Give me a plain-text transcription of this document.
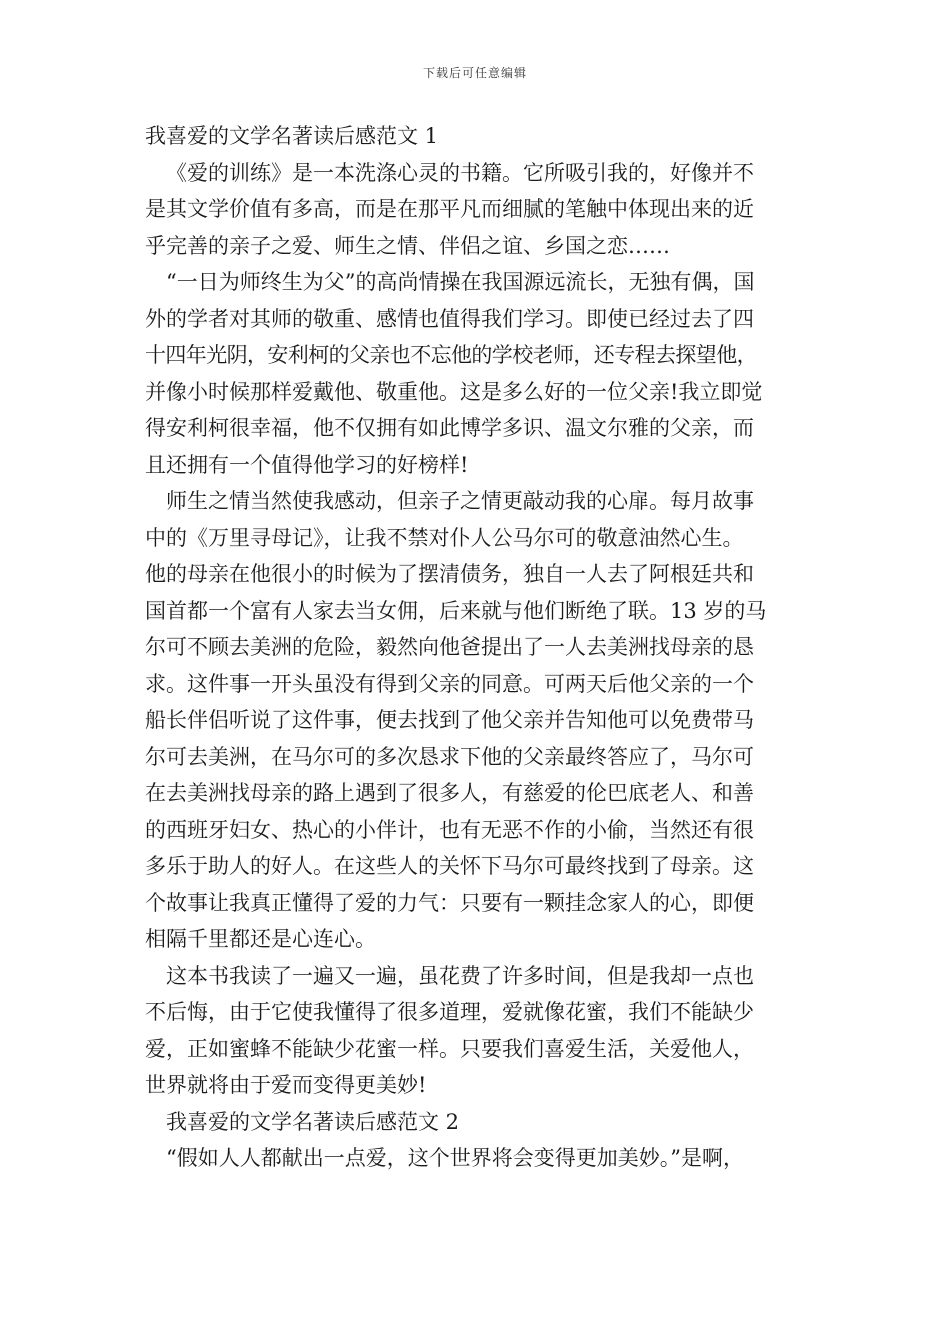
下载后可任意编辑
我喜爱的文学名著读后感范文 1
《爱的训练》是一本洗涤心灵的书籍。它所吸引我的，好像并不
是其文学价值有多高，而是在那平凡而细腻的笔触中体现出来的近
乎完善的亲子之爱、师生之情、伴侣之谊、乡国之恋……
“一日为师终生为父”的高尚情操在我国源远流长，无独有偶，国
外的学者对其师的敬重、感情也值得我们学习。即使已经过去了四
十四年光阴，安利柯的父亲也不忘他的学校老师，还专程去探望他，
并像小时候那样爱戴他、敬重他。这是多么好的一位父亲!我立即觉
得安利柯很幸福，他不仅拥有如此博学多识、温文尔雅的父亲，而
且还拥有一个值得他学习的好榜样!
师生之情当然使我感动，但亲子之情更敲动我的心扉。每月故事
中的《万里寻母记》，让我不禁对仆人公马尔可的敬意油然心生。
他的母亲在他很小的时候为了摆清债务，独自一人去了阿根廷共和
国首都一个富有人家去当女佣，后来就与他们断绝了联。13 岁的马
尔可不顾去美洲的危险，毅然向他爸提出了一人去美洲找母亲的恳
求。这件事一开头虽没有得到父亲的同意。可两天后他父亲的一个
船长伴侣听说了这件事，便去找到了他父亲并告知他可以免费带马
尔可去美洲，在马尔可的多次恳求下他的父亲最终答应了，马尔可
在去美洲找母亲的路上遇到了很多人，有慈爱的伦巴底老人、和善
的西班牙妇女、热心的小伴计，也有无恶不作的小偷，当然还有很
多乐于助人的好人。在这些人的关怀下马尔可最终找到了母亲。这
个故事让我真正懂得了爱的力气：只要有一颗挂念家人的心，即便
相隔千里都还是心连心。
这本书我读了一遍又一遍，虽花费了许多时间，但是我却一点也
不后悔，由于它使我懂得了很多道理，爱就像花蜜，我们不能缺少
爱，正如蜜蜂不能缺少花蜜一样。只要我们喜爱生活，关爱他人，
世界就将由于爱而变得更美妙!
我喜爱的文学名著读后感范文 2
“假如人人都献出一点爱，这个世界将会变得更加美妙。”是啊，
